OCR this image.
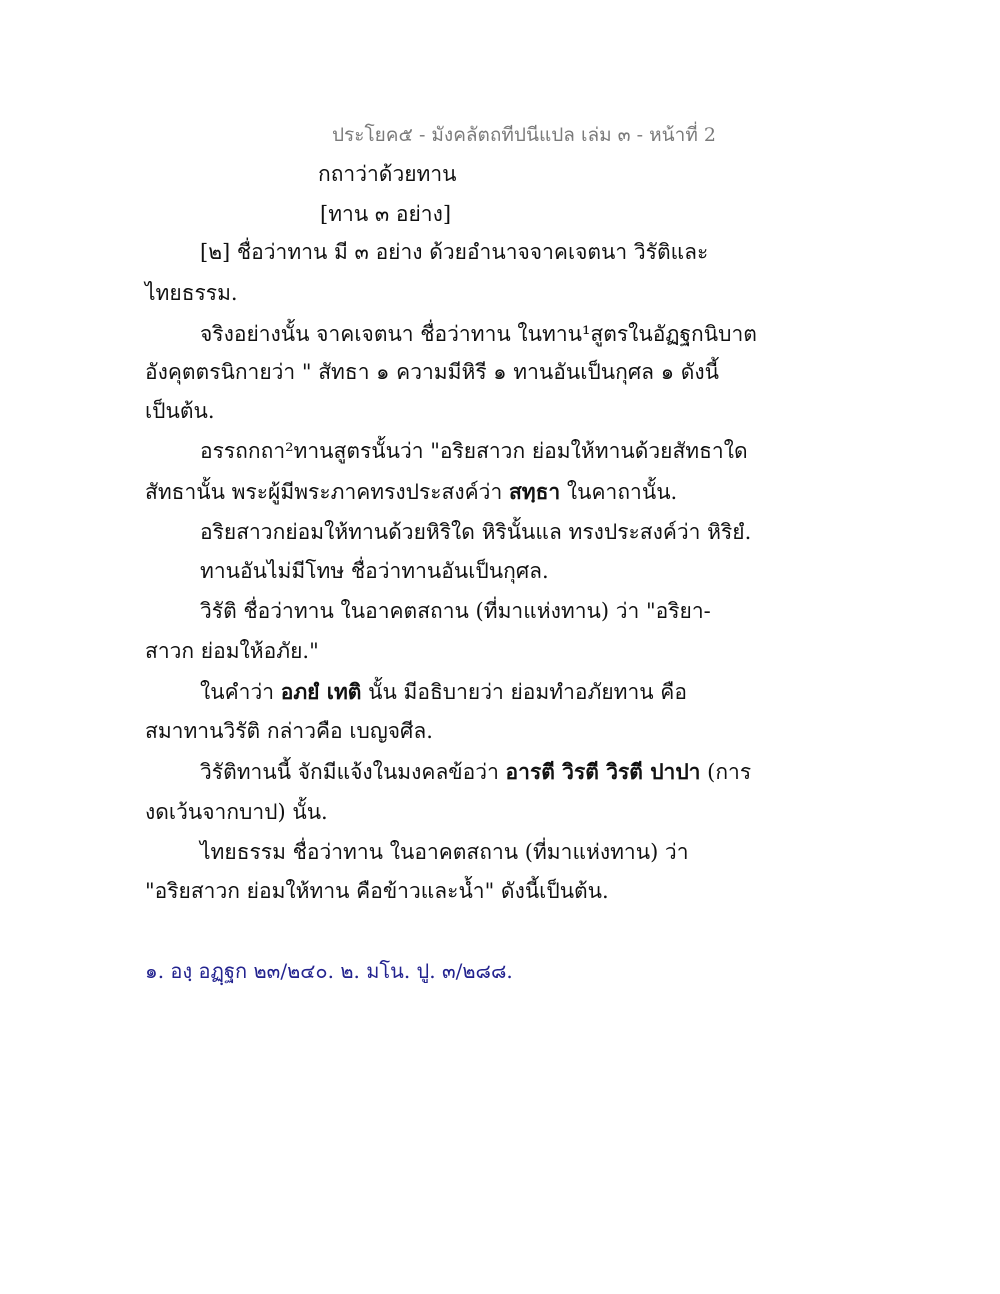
ประโยค๕ - มังคลัตถทีปนีแปล เล่ม ๓ - หน้าที่ 2
กถาว่าด้วยทาน
[ทาน ๓ อย่าง]
[๒] ชื่อว่าทาน มี ๓ อย่าง ด้วยอำนาจจาคเจตนา วิรัติและ
ไทยธรรม.
จริงอย่างนั้น จาคเจตนา ชื่อว่าทาน ในทาน¹สูตรในอัฏฐกนิบาต
อังคุตตรนิกายว่า " สัทธา ๑ ความมีหิรี ๑ ทานอันเป็นกุศล ๑ ดังนี้
เป็นต้น.
อรรถกถา²ทานสูตรนั้นว่า "อริยสาวก ย่อมให้ทานด้วยสัทธาใด
สัทธานั้น พระผู้มีพระภาคทรงประสงค์ว่า สทฺธา ในคาถานั้น.
อริยสาวกย่อมให้ทานด้วยหิริใด หิรินั้นแล ทรงประสงค์ว่า หิริยํ.
ทานอันไม่มีโทษ ชื่อว่าทานอันเป็นกุศล.
วิรัติ ชื่อว่าทาน ในอาคตสถาน (ที่มาแห่งทาน) ว่า "อริยา-
สาวก ย่อมให้อภัย."
ในคำว่า อภยํ เทติ นั้น มีอธิบายว่า ย่อมทำอภัยทาน คือ
สมาทานวิรัติ กล่าวคือ เบญจศีล.
วิรัติทานนี้ จักมีแจ้งในมงคลข้อว่า อารตี วิรตี วิรตี ปาปา (การ
งดเว้นจากบาป) นั้น.
ไทยธรรม ชื่อว่าทาน ในอาคตสถาน (ที่มาแห่งทาน) ว่า
"อริยสาวก ย่อมให้ทาน คือข้าวและน้ำ" ดังนี้เป็นต้น.
๑. องฺ อฏฺฐก ๒๓/๒๔๐. ๒. มโน. ปู. ๓/๒๘๘.
